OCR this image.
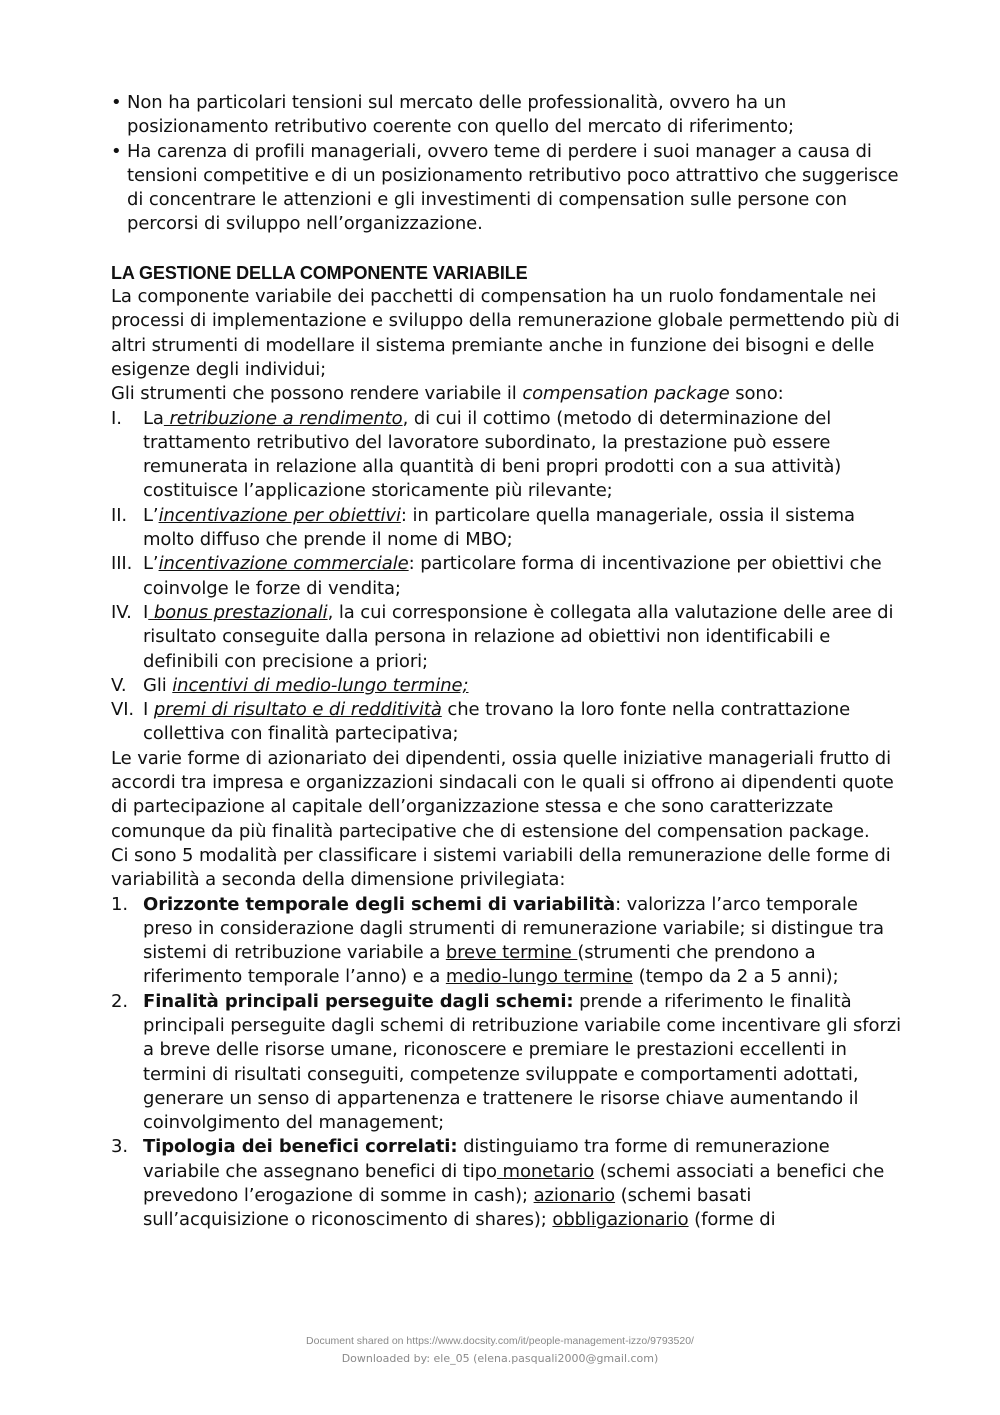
• Non ha particolari tensioni sul mercato delle professionalità, ovvero ha un posizionamento retributivo coerente con quello del mercato di riferimento;
• Ha carenza di profili manageriali, ovvero teme di perdere i suoi manager a causa di tensioni competitive e di un posizionamento retributivo poco attrattivo che suggerisce di concentrare le attenzioni e gli investimenti di compensation sulle persone con percorsi di sviluppo nell’organizzazione.

LA GESTIONE DELLA COMPONENTE VARIABILE

La componente variabile dei pacchetti di compensation ha un ruolo fondamentale nei processi di implementazione e sviluppo della remunerazione globale permettendo più di altri strumenti di modellare il sistema premiante anche in funzione dei bisogni e delle esigenze degli individui;

Gli strumenti che possono rendere variabile il compensation package sono:

I. La retribuzione a rendimento, di cui il cottimo (metodo di determinazione del trattamento retributivo del lavoratore subordinato, la prestazione può essere remunerata in relazione alla quantità di beni propri prodotti con a sua attività) costituisce l’applicazione storicamente più rilevante;
II. L’incentivazione per obiettivi: in particolare quella manageriale, ossia il sistema molto diffuso che prende il nome di MBO;
III. L’incentivazione commerciale: particolare forma di incentivazione per obiettivi che coinvolge le forze di vendita;
IV. I bonus prestazionali, la cui corresponsione è collegata alla valutazione delle aree di risultato conseguite dalla persona in relazione ad obiettivi non identificabili e definibili con precisione a priori;
V. Gli incentivi di medio-lungo termine;
VI. I premi di risultato e di redditività che trovano la loro fonte nella contrattazione collettiva con finalità partecipativa;

Le varie forme di azionariato dei dipendenti, ossia quelle iniziative manageriali frutto di accordi tra impresa e organizzazioni sindacali con le quali si offrono ai dipendenti quote di partecipazione al capitale dell’organizzazione stessa e che sono caratterizzate comunque da più finalità partecipative che di estensione del compensation package.

Ci sono 5 modalità per classificare i sistemi variabili della remunerazione delle forme di variabilità a seconda della dimensione privilegiata:

1. Orizzonte temporale degli schemi di variabilità: valorizza l’arco temporale preso in considerazione dagli strumenti di remunerazione variabile; si distingue tra sistemi di retribuzione variabile a breve termine (strumenti che prendono a riferimento temporale l’anno) e a medio-lungo termine (tempo da 2 a 5 anni);
2. Finalità principali perseguite dagli schemi: prende a riferimento le finalità principali perseguite dagli schemi di retribuzione variabile come incentivare gli sforzi a breve delle risorse umane, riconoscere e premiare le prestazioni eccellenti in termini di risultati conseguiti, competenze sviluppate e comportamenti adottati, generare un senso di appartenenza e trattenere le risorse chiave aumentando il coinvolgimento del management;
3. Tipologia dei benefici correlati: distinguiamo tra forme di remunerazione variabile che assegnano benefici di tipo monetario (schemi associati a benefici che prevedono l’erogazione di somme in cash); azionario (schemi basati sull’acquisizione o riconoscimento di shares); obbligazionario (forme di
Document shared on https://www.docsity.com/it/people-management-izzo/9793520/
Downloaded by: ele_05 (elena.pasquali2000@gmail.com)
